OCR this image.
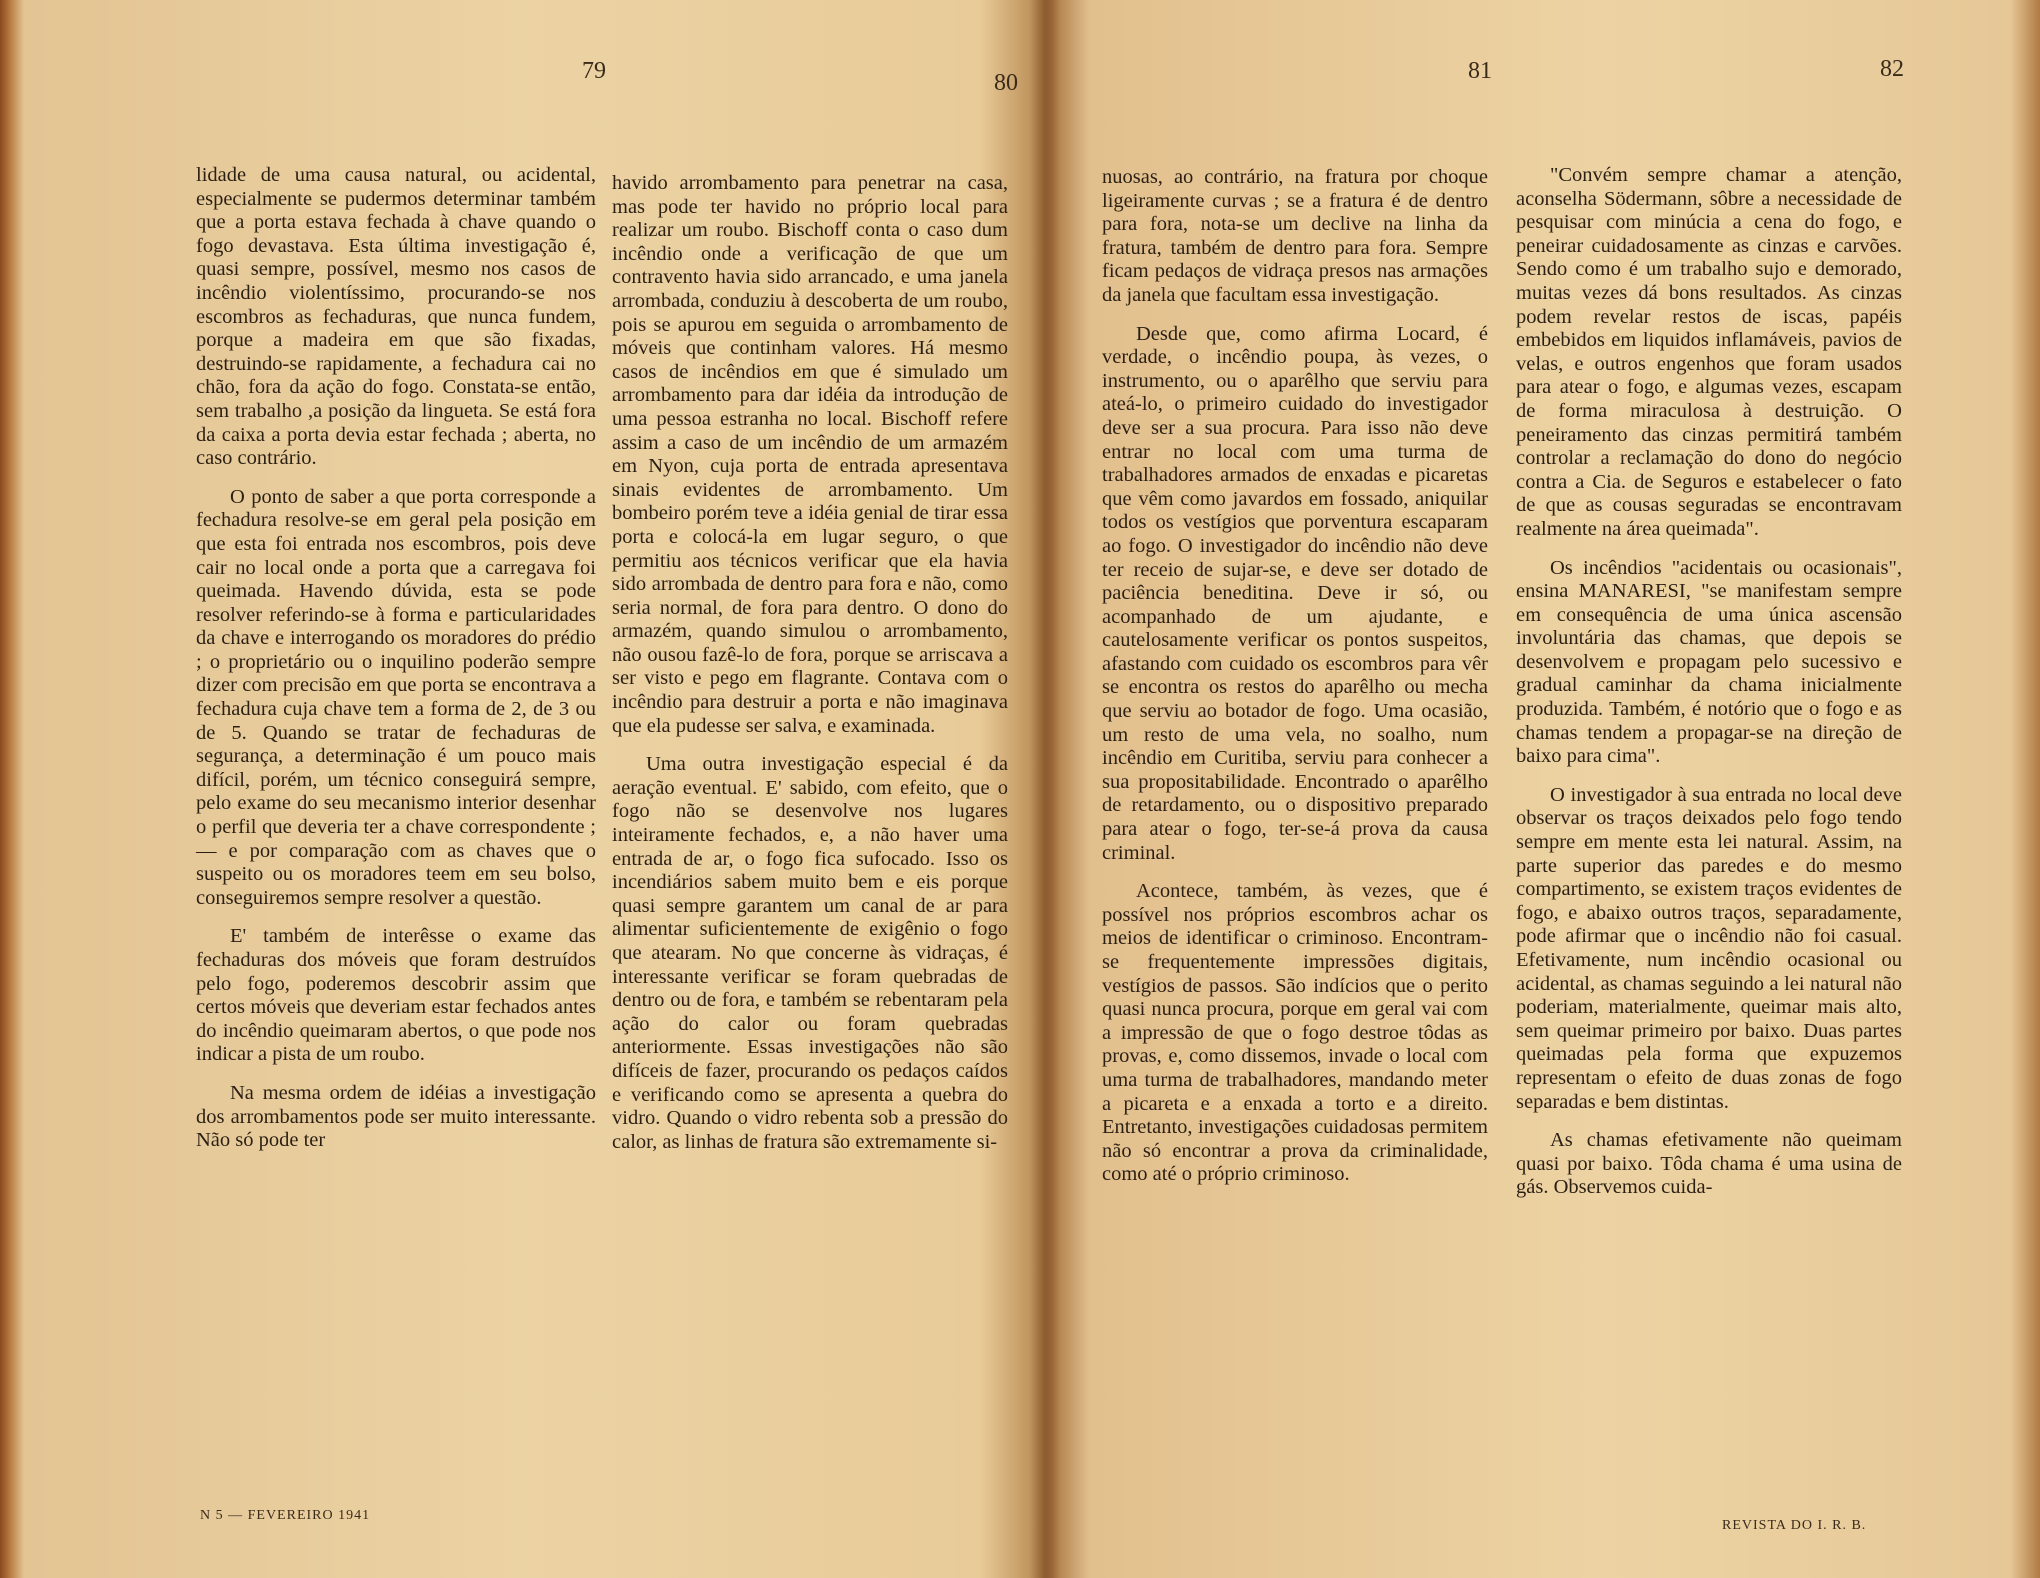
79	80

lidade de uma causa natural, ou acidental, especialmente se pudermos determinar também que a porta estava fechada à chave quando o fogo devastava. Esta última investigação é, quasi sempre, possível, mesmo nos casos de incêndio violentíssimo, procurando-se nos escombros as fechaduras, que nunca fundem, porque a madeira em que são fixadas, destruindo-se rapidamente, a fechadura cai no chão, fora da ação do fogo. Constata-se então, sem trabalho ,a posição da lingueta. Se está fora da caixa a porta devia estar fechada ; aberta, no caso contrário.

O ponto de saber a que porta corresponde a fechadura resolve-se em geral pela posição em que esta foi entrada nos escombros, pois deve cair no local onde a porta que a carregava foi queimada. Havendo dúvida, esta se pode resolver referindo-se à forma e particularidades da chave e interrogando os moradores do prédio ; o proprietário ou o inquilino poderão sempre dizer com precisão em que porta se encontrava a fechadura cuja chave tem a forma de 2, de 3 ou de 5. Quando se tratar de fechaduras de segurança, a determinação é um pouco mais difícil, porém, um técnico conseguirá sempre, pelo exame do seu mecanismo interior desenhar o perfil que deveria ter a chave correspondente ; — e por comparação com as chaves que o suspeito ou os moradores teem em seu bolso, conseguiremos sempre resolver a questão.

E' também de interêsse o exame das fechaduras dos móveis que foram destruídos pelo fogo, poderemos descobrir assim que certos móveis que deveriam estar fechados antes do incêndio queimaram abertos, o que pode nos indicar a pista de um roubo.

Na mesma ordem de idéias a investigação dos arrombamentos pode ser muito interessante. Não só pode ter

havido arrombamento para penetrar na casa, mas pode ter havido no próprio local para realizar um roubo. Bischoff conta o caso dum incêndio onde a verificação de que um contravento havia sido arrancado, e uma janela arrombada, conduziu à descoberta de um roubo, pois se apurou em seguida o arrombamento de móveis que continham valores. Há mesmo casos de incêndios em que é simulado um arrombamento para dar idéia da introdução de uma pessoa estranha no local. Bischoff refere assim a caso de um incêndio de um armazém em Nyon, cuja porta de entrada apresentava sinais evidentes de arrombamento. Um bombeiro porém teve a idéia genial de tirar essa porta e colocá-la em lugar seguro, o que permitiu aos técnicos verificar que ela havia sido arrombada de dentro para fora e não, como seria normal, de fora para dentro. O dono do armazém, quando simulou o arrombamento, não ousou fazê-lo de fora, porque se arriscava a ser visto e pego em flagrante. Contava com o incêndio para destruir a porta e não imaginava que ela pudesse ser salva, e examinada.

Uma outra investigação especial é da aeração eventual. E' sabido, com efeito, que o fogo não se desenvolve nos lugares inteiramente fechados, e, a não haver uma entrada de ar, o fogo fica sufocado. Isso os incendiários sabem muito bem e eis porque quasi sempre garantem um canal de ar para alimentar suficientemente de exigênio o fogo que atearam. No que concerne às vidraças, é interessante verificar se foram quebradas de dentro ou de fora, e também se rebentaram pela ação do calor ou foram quebradas anteriormente. Essas investigações não são difíceis de fazer, procurando os pedaços caídos e verificando como se apresenta a quebra do vidro. Quando o vidro rebenta sob a pressão do calor, as linhas de fratura são extremamente si-

N 5 — FEVEREIRO 1941
81	82

nuosas, ao contrário, na fratura por choque ligeiramente curvas ; se a fratura é de dentro para fora, nota-se um declive na linha da fratura, também de dentro para fora. Sempre ficam pedaços de vidraça presos nas armações da janela que facultam essa investigação.

Desde que, como afirma Locard, é verdade, o incêndio poupa, às vezes, o instrumento, ou o aparêlho que serviu para ateá-lo, o primeiro cuidado do investigador deve ser a sua procura. Para isso não deve entrar no local com uma turma de trabalhadores armados de enxadas e picaretas que vêm como javardos em fossado, aniquilar todos os vestígios que porventura escaparam ao fogo. O investigador do incêndio não deve ter receio de sujar-se, e deve ser dotado de paciência beneditina. Deve ir só, ou acompanhado de um ajudante, e cautelosamente verificar os pontos suspeitos, afastando com cuidado os escombros para vêr se encontra os restos do aparêlho ou mecha que serviu ao botador de fogo. Uma ocasião, um resto de uma vela, no soalho, num incêndio em Curitiba, serviu para conhecer a sua propositabilidade. Encontrado o aparêlho de retardamento, ou o dispositivo preparado para atear o fogo, ter-se-á prova da causa criminal.

Acontece, também, às vezes, que é possível nos próprios escombros achar os meios de identificar o criminoso. Encontram-se frequentemente impressões digitais, vestígios de passos. São indícios que o perito quasi nunca procura, porque em geral vai com a impressão de que o fogo destroe tôdas as provas, e, como dissemos, invade o local com uma turma de trabalhadores, mandando meter a picareta e a enxada a torto e a direito. Entretanto, investigações cuidadosas permitem não só encontrar a prova da criminalidade, como até o próprio criminoso.

"Convém sempre chamar a atenção, aconselha Södermann, sôbre a necessidade de pesquisar com minúcia a cena do fogo, e peneirar cuidadosamente as cinzas e carvões. Sendo como é um trabalho sujo e demorado, muitas vezes dá bons resultados. As cinzas podem revelar restos de iscas, papéis embebidos em liquidos inflamáveis, pavios de velas, e outros engenhos que foram usados para atear o fogo, e algumas vezes, escapam de forma miraculosa à destruição. O peneiramento das cinzas permitirá também controlar a reclamação do dono do negócio contra a Cia. de Seguros e estabelecer o fato de que as cousas seguradas se encontravam realmente na área queimada".

Os incêndios "acidentais ou ocasionais", ensina MANARESI, "se manifestam sempre em consequência de uma única ascensão involuntária das chamas, que depois se desenvolvem e propagam pelo sucessivo e gradual caminhar da chama inicialmente produzida. Também, é notório que o fogo e as chamas tendem a propagar-se na direção de baixo para cima".

O investigador à sua entrada no local deve observar os traços deixados pelo fogo tendo sempre em mente esta lei natural. Assim, na parte superior das paredes e do mesmo compartimento, se existem traços evidentes de fogo, e abaixo outros traços, separadamente, pode afirmar que o incêndio não foi casual. Efetivamente, num incêndio ocasional ou acidental, as chamas seguindo a lei natural não poderiam, materialmente, queimar mais alto, sem queimar primeiro por baixo. Duas partes queimadas pela forma que expuzemos representam o efeito de duas zonas de fogo separadas e bem distintas.

As chamas efetivamente não queimam quasi por baixo. Tôda chama é uma usina de gás. Observemos cuida-

REVISTA DO I. R. B.
